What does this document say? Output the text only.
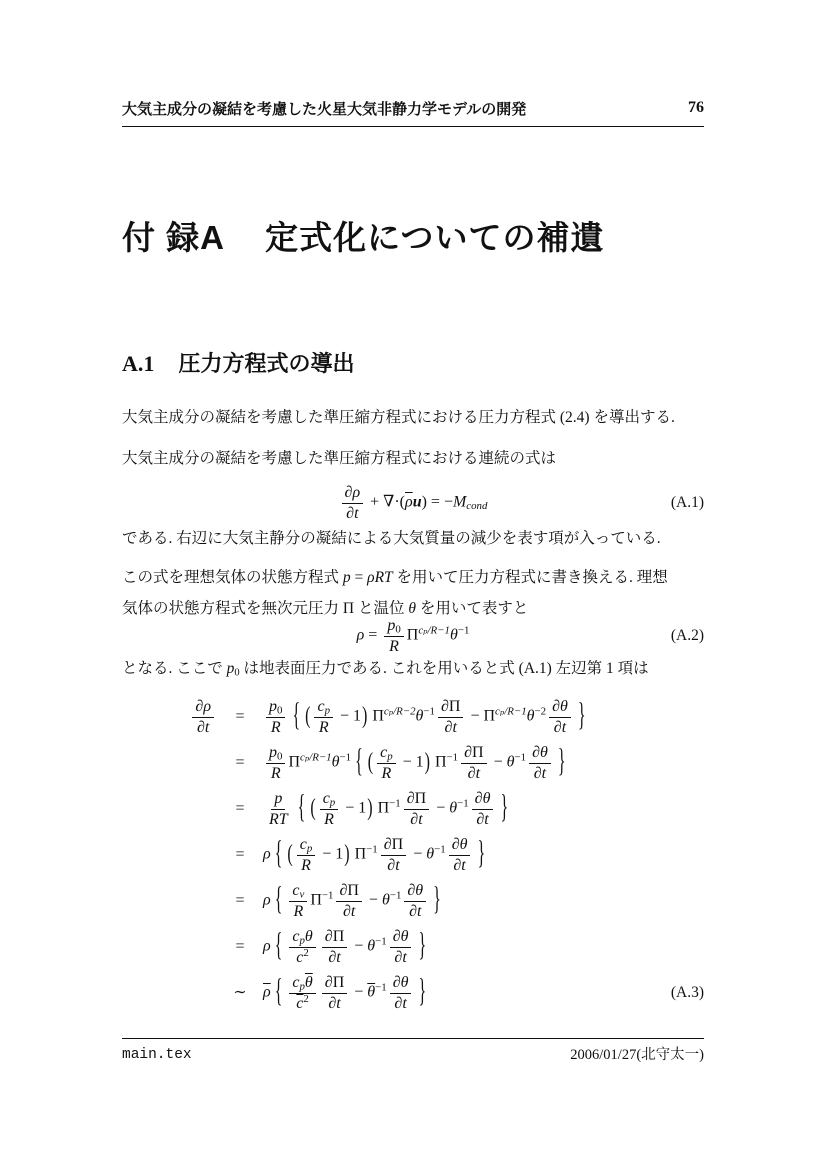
大気主成分の凝結を考慮した火星大気非静力学モデルの開発	76
付 録A 定式化についての補遺
A.1 圧力方程式の導出
大気主成分の凝結を考慮した準圧縮方程式における圧力方程式 (2.4) を導出する.
大気主成分の凝結を考慮した準圧縮方程式における連続の式は
$\frac{\partial\rho}{\partial t} + \nabla\cdot(\overline{\rho}u) = -M_{cond}$	(A.1)
である. 右辺に大気主静分の凝結による大気質量の減少を表す項が入っている.
この式を理想気体の状態方程式 p = ρRT を用いて圧力方程式に書き換える. 理想
気体の状態方程式を無次元圧力 Π と温位 θ を用いて表すと
$\rho = \frac{p0}{R} \Pi^{c_p/R-1}\theta^{-1}$	(A.2)
となる. ここで p0 は地表面圧力である. これを用いると式 (A.1) 左辺第 1 項は
$\frac{\partial\rho}{\partial t}$	=	$\frac{p0}{R}$ { ( $\frac{cp}{R} - 1$) $\Pi^{c_p/R-2}\theta^{-1} \frac{\partial\Pi}{\partial t} - \Pi^{c_p/R-1}\theta^{-2} \frac{\partial\theta}{\partial t}$ }
=	$\frac{p0}{R} \Pi^{c_p/R-1}\theta^{-1}$ { ( $\frac{cp}{R} - 1$) $\Pi^{-1} \frac{\partial\Pi}{\partial t} - \theta^{-1} \frac{\partial\theta}{\partial t}$ }
=	$\frac{p}{RT}$ { ( $\frac{cp}{R} - 1$) $\Pi^{-1} \frac{\partial\Pi}{\partial t} - \theta^{-1} \frac{\partial\theta}{\partial t}$ }
=	ρ { ( $\frac{cp}{R} - 1$) $\Pi^{-1} \frac{\partial\Pi}{\partial t} - \theta^{-1} \frac{\partial\theta}{\partial t}$ }
=	ρ { $\frac{cv}{R} \Pi^{-1} \frac{\partial\Pi}{\partial t} - \theta^{-1} \frac{\partial\theta}{\partial t}$ }
=	ρ { $\frac{\text{cpθ}}{c^2} \frac{\partial\Pi}{\partial t} - \theta^{-1} \frac{\partial\theta}{\partial t}$ }
∼	$\overline{\rho}$ { $\frac{cp\overline{\theta}}{\overline{c}^2} \frac{\partial\Pi}{\partial t} - \overline{\theta}^{-1} \frac{\partial\theta}{\partial t}$ }	(A.3)
main.tex	2006/01/27(北守太一)
